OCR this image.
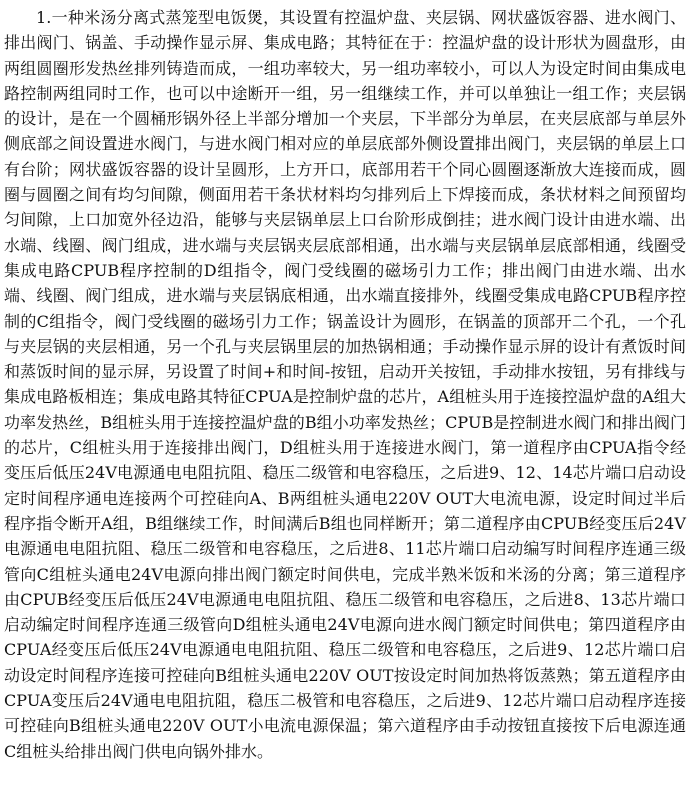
1.一种米汤分离式蒸笼型电饭煲，其设置有控温炉盘、夹层锅、网状盛饭容器、进水阀门、排出阀门、锅盖、手动操作显示屏、集成电路；其特征在于：控温炉盘的设计形状为圆盘形，由两组圆圈形发热丝排列铸造而成，一组功率较大，另一组功率较小，可以人为设定时间由集成电路控制两组同时工作，也可以中途断开一组，另一组继续工作，并可以单独让一组工作；夹层锅的设计，是在一个圆桶形锅外径上半部分增加一个夹层，下半部分为单层，在夹层底部与单层外侧底部之间设置进水阀门，与进水阀门相对应的单层底部外侧设置排出阀门，夹层锅的单层上口有台阶；网状盛饭容器的设计呈圆形，上方开口，底部用若干个同心圆圈逐渐放大连接而成，圆圈与圆圈之间有均匀间隙，侧面用若干条状材料均匀排列后上下焊接而成，条状材料之间预留均匀间隙，上口加宽外径边沿，能够与夹层锅单层上口台阶形成倒挂；进水阀门设计由进水端、出水端、线圈、阀门组成，进水端与夹层锅夹层底部相通，出水端与夹层锅单层底部相通，线圈受集成电路CPUB程序控制的D组指令，阀门受线圈的磁场引力工作；排出阀门由进水端、出水端、线圈、阀门组成，进水端与夹层锅底相通，出水端直接排外，线圈受集成电路CPUB程序控制的C组指令，阀门受线圈的磁场引力工作；锅盖设计为圆形，在锅盖的顶部开二个孔，一个孔与夹层锅的夹层相通，另一个孔与夹层锅里层的加热锅相通；手动操作显示屏的设计有煮饭时间和蒸饭时间的显示屏，另设置了时间+和时间-按钮，启动开关按钮，手动排水按钮，另有排线与集成电路板相连；集成电路其特征CPUA是控制炉盘的芯片，A组桩头用于连接控温炉盘的A组大功率发热丝，B组桩头用于连接控温炉盘的B组小功率发热丝；CPUB是控制进水阀门和排出阀门的芯片，C组桩头用于连接排出阀门，D组桩头用于连接进水阀门，第一道程序由CPUA指令经变压后低压24V电源通电电阻抗阻、稳压二级管和电容稳压，之后进9、12、14芯片端口启动设定时间程序通电连接两个可控硅向A、B两组桩头通电220V OUT大电流电源，设定时间过半后程序指令断开A组，B组继续工作，时间满后B组也同样断开；第二道程序由CPUB经变压后24V电源通电电阻抗阻、稳压二级管和电容稳压，之后进8、11芯片端口启动编写时间程序连通三级管向C组桩头通电24V电源向排出阀门额定时间供电，完成半熟米饭和米汤的分离；第三道程序由CPUB经变压后低压24V电源通电电阻抗阻、稳压二级管和电容稳压，之后进8、13芯片端口启动编定时间程序连通三级管向D组桩头通电24V电源向进水阀门额定时间供电；第四道程序由CPUA经变压后低压24V电源通电电阻抗阻、稳压二级管和电容稳压，之后进9、12芯片端口启动设定时间程序连接可控硅向B组桩头通电220V OUT按设定时间加热将饭蒸熟；第五道程序由CPUA变压后24V通电电阻抗阻，稳压二极管和电容稳压，之后进9、12芯片端口启动程序连接可控硅向B组桩头通电220V OUT小电流电源保温；第六道程序由手动按钮直接按下后电源连通C组桩头给排出阀门供电向锅外排水。
